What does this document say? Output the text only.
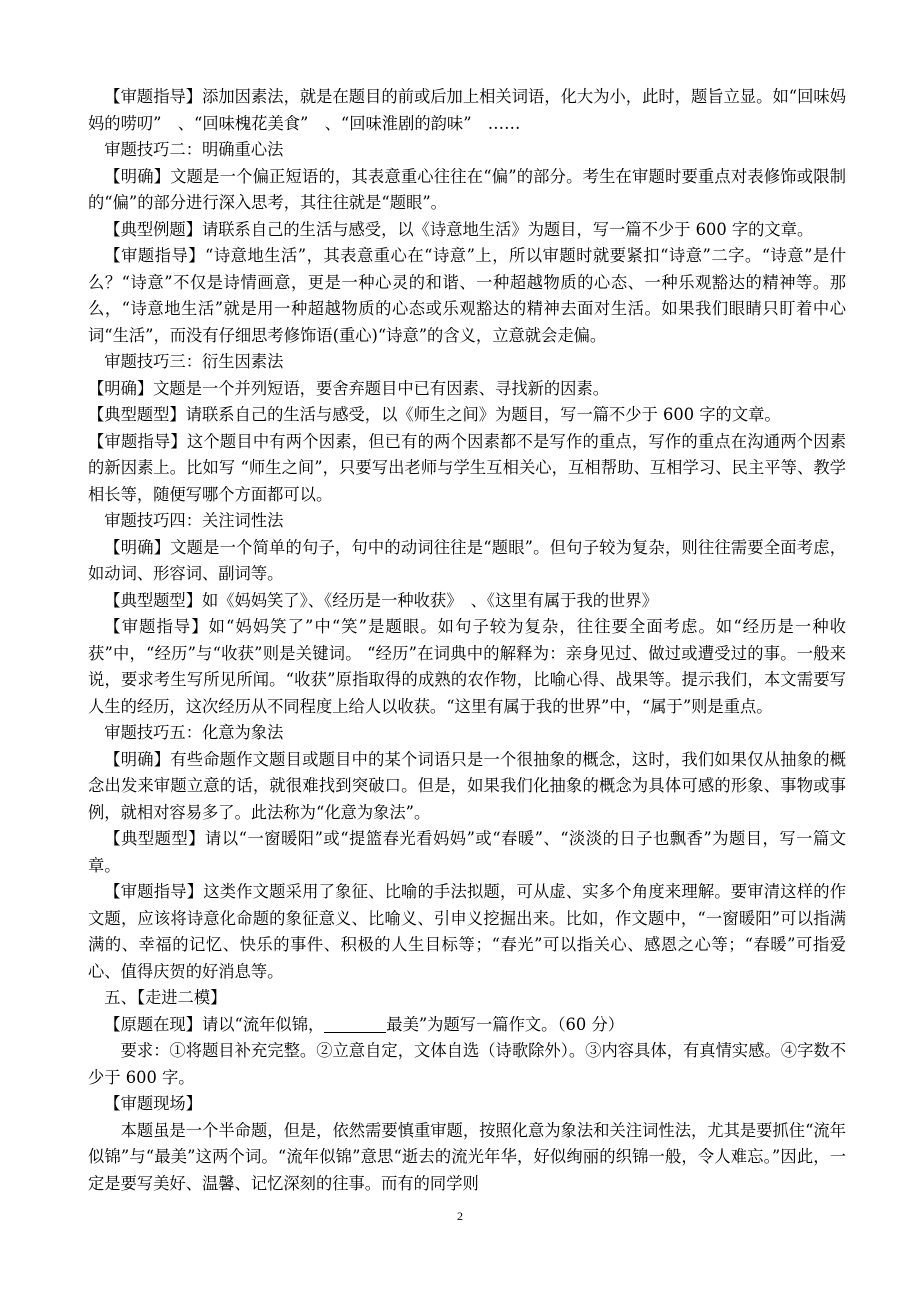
【审题指导】添加因素法，就是在题目的前或后加上相关词语，化大为小，此时，题旨立显。如“回味妈妈的唠叨”　、“回味槐花美食”　、“回味淮剧的韵味”　……

审题技巧二：明确重心法

【明确】文题是一个偏正短语的，其表意重心往往在“偏”的部分。考生在审题时要重点对表修饰或限制的“偏”的部分进行深入思考，其往往就是“题眼”。

【典型例题】请联系自己的生活与感受，以《诗意地生活》为题目，写一篇不少于 600 字的文章。

【审题指导】“诗意地生活”，其表意重心在“诗意”上，所以审题时就要紧扣“诗意”二字。“诗意”是什么？“诗意”不仅是诗情画意，更是一种心灵的和谐、一种超越物质的心态、一种乐观豁达的精神等。那么，“诗意地生活”就是用一种超越物质的心态或乐观豁达的精神去面对生活。如果我们眼睛只盯着中心词“生活”，而没有仔细思考修饰语(重心)“诗意”的含义，立意就会走偏。

审题技巧三：衍生因素法

【明确】文题是一个并列短语，要舍弃题目中已有因素、寻找新的因素。

【典型题型】请联系自己的生活与感受，以《师生之间》为题目，写一篇不少于 600 字的文章。

【审题指导】这个题目中有两个因素，但已有的两个因素都不是写作的重点，写作的重点在沟通两个因素的新因素上。比如写 “师生之间”，只要写出老师与学生互相关心，互相帮助、互相学习、民主平等、教学相长等，随便写哪个方面都可以。

审题技巧四：关注词性法

【明确】文题是一个简单的句子，句中的动词往往是“题眼”。但句子较为复杂，则往往需要全面考虑，如动词、形容词、副词等。

【典型题型】如《妈妈笑了》、《经历是一种收获》　、《这里有属于我的世界》

【审题指导】如“妈妈笑了”中“笑”是题眼。如句子较为复杂，往往要全面考虑。如“经历是一种收获”中，“经历”与“收获”则是关键词。 “经历”在词典中的解释为：亲身见过、做过或遭受过的事。一般来说，要求考生写所见所闻。“收获”原指取得的成熟的农作物，比喻心得、战果等。提示我们，本文需要写人生的经历，这次经历从不同程度上给人以收获。“这里有属于我的世界”中，“属于”则是重点。

审题技巧五：化意为象法

【明确】有些命题作文题目或题目中的某个词语只是一个很抽象的概念，这时，我们如果仅从抽象的概念出发来审题立意的话，就很难找到突破口。但是，如果我们化抽象的概念为具体可感的形象、事物或事例，就相对容易多了。此法称为“化意为象法”。

【典型题型】请以“一窗暖阳”或“提篮春光看妈妈”或“春暖”、“淡淡的日子也飘香”为题目，写一篇文章。

【审题指导】这类作文题采用了象征、比喻的手法拟题，可从虚、实多个角度来理解。要审清这样的作文题，应该将诗意化命题的象征意义、比喻义、引申义挖掘出来。比如，作文题中，“一窗暖阳”可以指满满的、幸福的记忆、快乐的事件、积极的人生目标等；“春光”可以指关心、感恩之心等；“春暖”可指爱心、值得庆贺的好消息等。

五、【走进二模】

【原题在现】请以“流年似锦，	最美”为题写一篇作文。（60 分）

要求：①将题目补充完整。②立意自定，文体自选（诗歌除外）。③内容具体，有真情实感。④字数不少于 600 字。

【审题现场】

本题虽是一个半命题，但是，依然需要慎重审题，按照化意为象法和关注词性法，尤其是要抓住“流年似锦”与“最美”这两个词。“流年似锦”意思“逝去的流光年华，好似绚丽的织锦一般，令人难忘。”因此，一定是要写美好、温馨、记忆深刻的往事。而有的同学则

2
